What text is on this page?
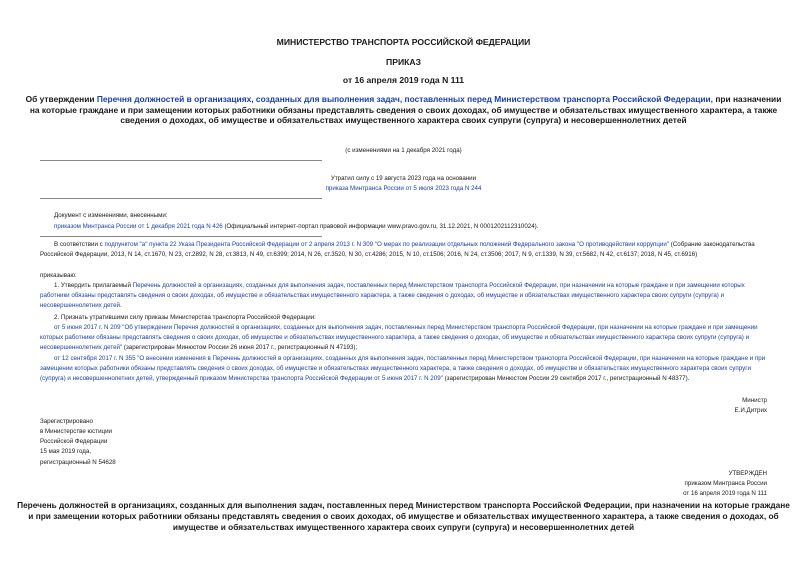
МИНИСТЕРСТВО ТРАНСПОРТА РОССИЙСКОЙ ФЕДЕРАЦИИ
ПРИКАЗ
от 16 апреля 2019 года N 111
Об утверждении Перечня должностей в организациях, созданных для выполнения задач, поставленных перед Министерством транспорта Российской Федерации, при назначении на которые граждане и при замещении которых работники обязаны представлять сведения о своих доходах, об имуществе и обязательствах имущественного характера, а также сведения о доходах, об имуществе и обязательствах имущественного характера своих супруги (супруга) и несовершеннолетних детей
(с изменениями на 1 декабря 2021 года)
Утратил силу с 19 августа 2023 года на основании
приказа Минтранса России от 5 июля 2023 года N 244
Документ с изменениями, внесенными:
приказом Минтранса России от 1 декабря 2021 года N 426 (Официальный интернет-портал правовой информации www.pravo.gov.ru, 31.12.2021, N 0001202112310024).
В соответствии с подпунктом "а" пункта 22 Указа Президента Российской Федерации от 2 апреля 2013 г. N 309 "О мерах по реализации отдельных положений Федерального закона "О противодействии коррупции" (Собрание законодательства Российской Федерации, 2013, N 14, ст.1670, N 23, ст.2892, N 28, ст.3813, N 49, ст.6399; 2014, N 26, ст.3520, N 30, ст.4286; 2015, N 10, ст.1506; 2016, N 24, ст.3506; 2017, N 9, ст.1339, N 39, ст.5682, N 42, ст.6137; 2018, N 45, ст.6916)
приказываю:
1. Утвердить прилагаемый Перечень должностей в организациях, созданных для выполнения задач, поставленных перед Министерством транспорта Российской Федерации, при назначении на которые граждане и при замещении которых работники обязаны представлять сведения о своих доходах, об имуществе и обязательствах имущественного характера, а также сведения о доходах, об имуществе и обязательствах имущественного характера своих супруги (супруга) и несовершеннолетних детей.
2. Признать утратившими силу приказы Министерства транспорта Российской Федерации:
от 5 июня 2017 г. N 209 "Об утверждении Перечня должностей в организациях, созданных для выполнения задач, поставленных перед Министерством транспорта Российской Федерации, при назначении на которые граждане и при замещении которых работники обязаны представлять сведения о своих доходах, об имуществе и обязательствах имущественного характера, а также сведения о доходах, об имуществе и обязательствах имущественного характера своих супруги (супруга) и несовершеннолетних детей" (зарегистрирован Минюстом России 26 июня 2017 г., регистрационный N 47193);
от 12 сентября 2017 г. N 355 "О внесении изменения в Перечень должностей в организациях, созданных для выполнения задач, поставленных перед Министерством транспорта Российской Федерации, при назначении на которые граждане и при замещении которых работники обязаны представлять сведения о своих доходах, об имуществе и обязательствах имущественного характера, а также сведения о доходах, об имуществе и обязательствах имущественного характера своих супруги (супруга) и несовершеннолетних детей, утвержденный приказом Министерства транспорта Российской Федерации от 5 июня 2017 г. N 209" (зарегистрирован Минюстом России 29 сентября 2017 г., регистрационный N 48377).
Министр
Е.И.Дитрих
Зарегистрировано
в Министерстве юстиции
Российской Федерации
15 мая 2019 года,
регистрационный N 54628
УТВЕРЖДЕН
приказом Минтранса России
от 16 апреля 2019 года N 111
Перечень должностей в организациях, созданных для выполнения задач, поставленных перед Министерством транспорта Российской Федерации, при назначении на которые граждане и при замещении которых работники обязаны представлять сведения о своих доходах, об имуществе и обязательствах имущественного характера, а также сведения о доходах, об имуществе и обязательствах имущественного характера своих супруги (супруга) и несовершеннолетних детей
